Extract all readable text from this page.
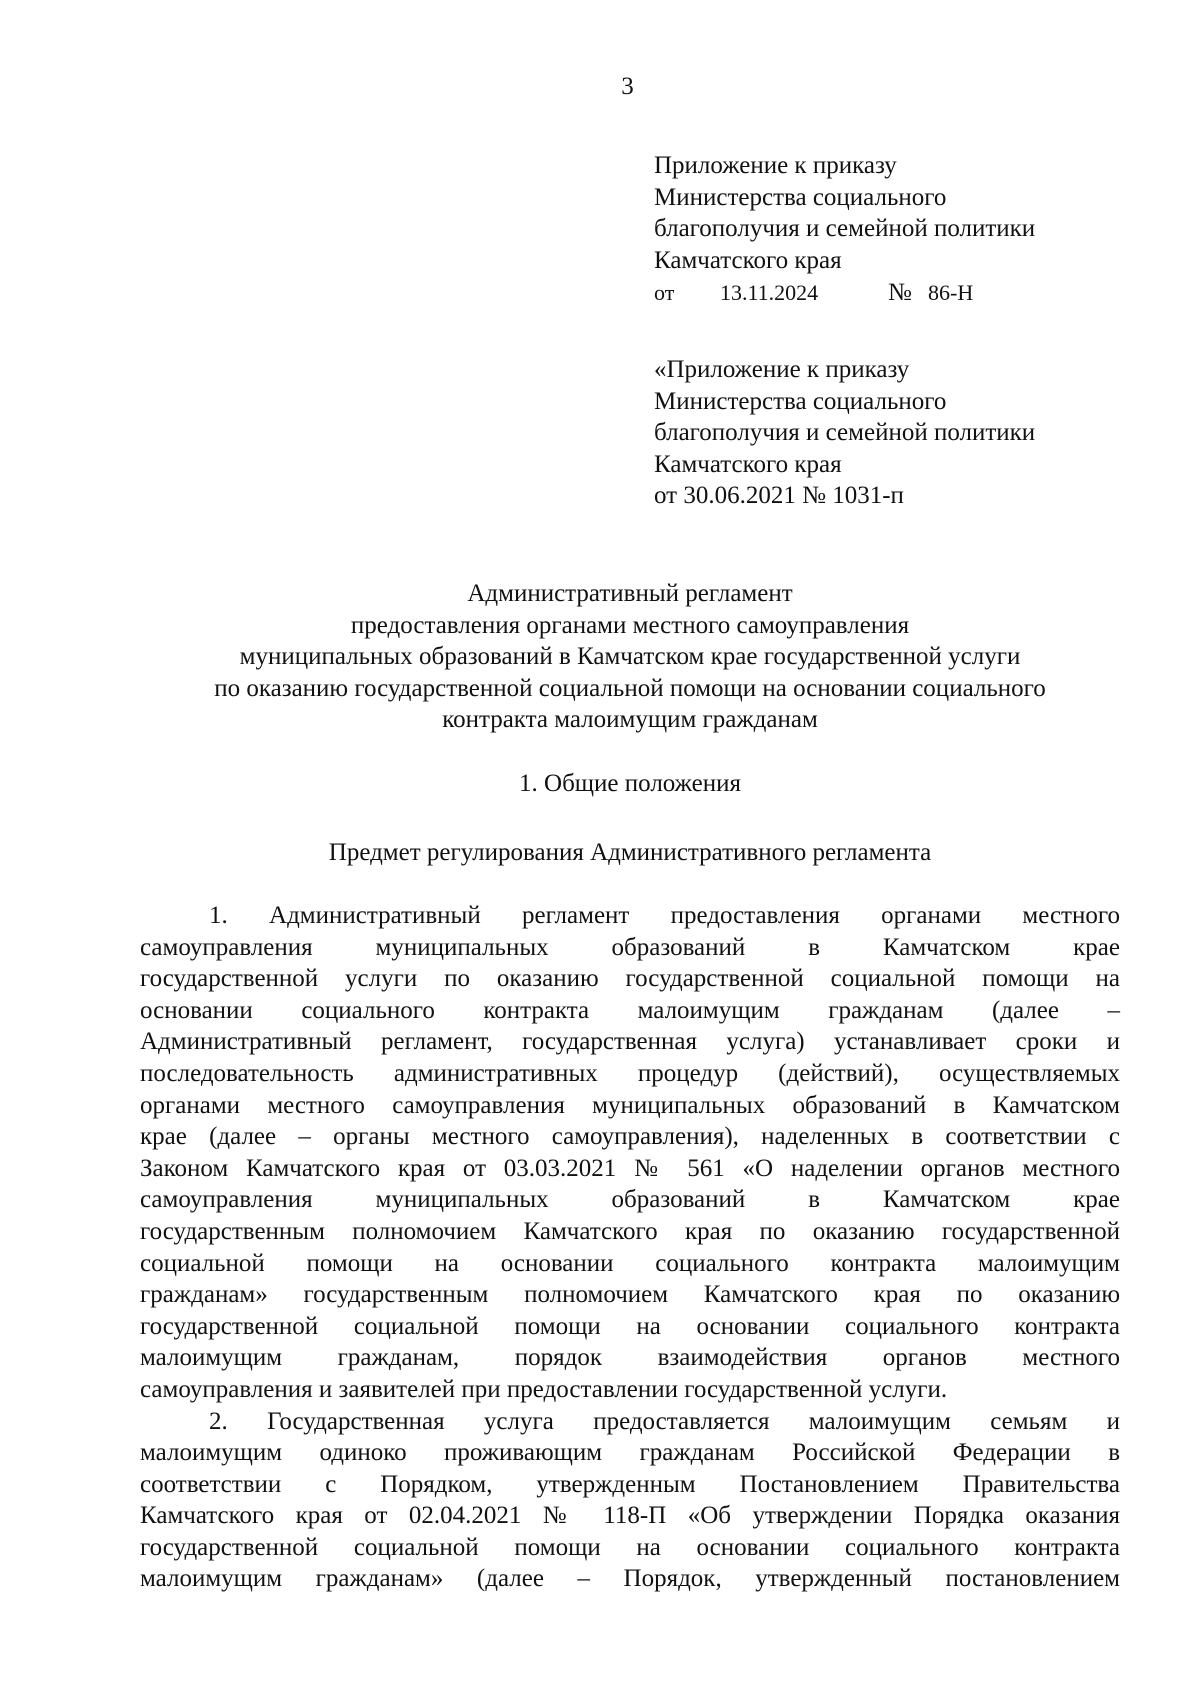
3
Приложение к приказу
Министерства социального
благополучия и семейной политики
Камчатского края
от 13.11.2024	№ 86-Н
«Приложение к приказу
Министерства социального
благополучия и семейной политики
Камчатского края
от 30.06.2021 № 1031-п
Административный регламент
предоставления органами местного самоуправления
муниципальных образований в Камчатском крае государственной услуги
по оказанию государственной социальной помощи на основании социального
контракта малоимущим гражданам
1. Общие положения
Предмет регулирования Административного регламента
1. Административный регламент предоставления органами местного
самоуправления муниципальных образований в Камчатском крае
государственной услуги по оказанию государственной социальной помощи на
основании социального контракта малоимущим гражданам (далее –
Административный регламент, государственная услуга) устанавливает сроки и
последовательность административных процедур (действий), осуществляемых
органами местного самоуправления муниципальных образований в Камчатском
крае (далее – органы местного самоуправления), наделенных в соответствии с
Законом Камчатского края от 03.03.2021 № 561 «О наделении органов местного
самоуправления муниципальных образований в Камчатском крае
государственным полномочием Камчатского края по оказанию государственной
социальной помощи на основании социального контракта малоимущим
гражданам» государственным полномочием Камчатского края по оказанию
государственной социальной помощи на основании социального контракта
малоимущим гражданам, порядок взаимодействия органов местного
самоуправления и заявителей при предоставлении государственной услуги.
2. Государственная услуга предоставляется малоимущим семьям и
малоимущим одиноко проживающим гражданам Российской Федерации в
соответствии с Порядком, утвержденным Постановлением Правительства
Камчатского края от 02.04.2021 № 118-П «Об утверждении Порядка оказания
государственной социальной помощи на основании социального контракта
малоимущим гражданам» (далее – Порядок, утвержденный постановлением
